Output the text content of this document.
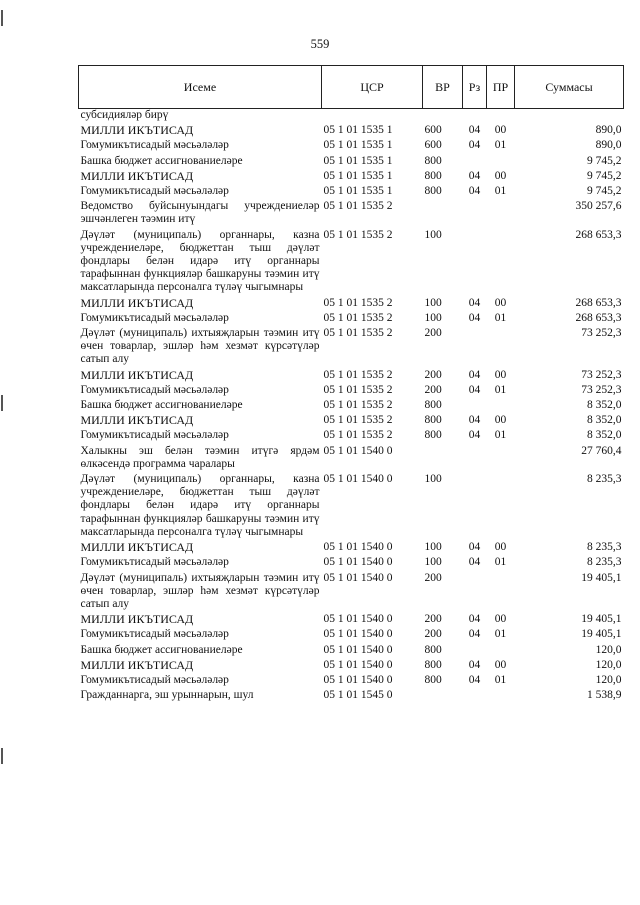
559
Исеме	ЦСР	ВР	Рз	ПР	Суммасы
субсидияләр бирү					
МИЛЛИ ИКЪТИСАД	05 1 01 1535 1	600	04	00	890,0
Гомумикътисадый мәсьәләләр	05 1 01 1535 1	600	04	01	890,0
Башка бюджет ассигнованиеләре	05 1 01 1535 1	800			9 745,2
МИЛЛИ ИКЪТИСАД	05 1 01 1535 1	800	04	00	9 745,2
Гомумикътисадый мәсьәләләр	05 1 01 1535 1	800	04	01	9 745,2
Ведомство буйсынуындагы учреждениеләр эшчәнлеген тәэмин итү	05 1 01 1535 2				350 257,6
Дәүләт (муниципаль) органнары, казна учреждениеләре, бюджеттан тыш дәүләт фондлары белән идарә итү органнары тарафыннан функцияләр башкаруны тәэмин итү максатларында персоналга түләү чыгымнары	05 1 01 1535 2	100			268 653,3
МИЛЛИ ИКЪТИСАД	05 1 01 1535 2	100	04	00	268 653,3
Гомумикътисадый мәсьәләләр	05 1 01 1535 2	100	04	01	268 653,3
Дәүләт (муниципаль) ихтыяҗларын тәэмин итү өчен товарлар, эшләр һәм хезмәт күрсәтүләр сатып алу	05 1 01 1535 2	200			73 252,3
МИЛЛИ ИКЪТИСАД	05 1 01 1535 2	200	04	00	73 252,3
Гомумикътисадый мәсьәләләр	05 1 01 1535 2	200	04	01	73 252,3
Башка бюджет ассигнованиеләре	05 1 01 1535 2	800			8 352,0
МИЛЛИ ИКЪТИСАД	05 1 01 1535 2	800	04	00	8 352,0
Гомумикътисадый мәсьәләләр	05 1 01 1535 2	800	04	01	8 352,0
Халыкны эш белән тәэмин итүгә ярдәм өлкәсендә программа чаралары	05 1 01 1540 0				27 760,4
Дәүләт (муниципаль) органнары, казна учреждениеләре, бюджеттан тыш дәүләт фондлары белән идарә итү органнары тарафыннан функцияләр башкаруны тәэмин итү максатларында персоналга түләү чыгымнары	05 1 01 1540 0	100			8 235,3
МИЛЛИ ИКЪТИСАД	05 1 01 1540 0	100	04	00	8 235,3
Гомумикътисадый мәсьәләләр	05 1 01 1540 0	100	04	01	8 235,3
Дәүләт (муниципаль) ихтыяҗларын тәэмин итү өчен товарлар, эшләр һәм хезмәт күрсәтүләр сатып алу	05 1 01 1540 0	200			19 405,1
МИЛЛИ ИКЪТИСАД	05 1 01 1540 0	200	04	00	19 405,1
Гомумикътисадый мәсьәләләр	05 1 01 1540 0	200	04	01	19 405,1
Башка бюджет ассигнованиеләре	05 1 01 1540 0	800			120,0
МИЛЛИ ИКЪТИСАД	05 1 01 1540 0	800	04	00	120,0
Гомумикътисадый мәсьәләләр	05 1 01 1540 0	800	04	01	120,0
Гражданнарга, эш урыннарын, шул	05 1 01 1545 0				1 538,9
